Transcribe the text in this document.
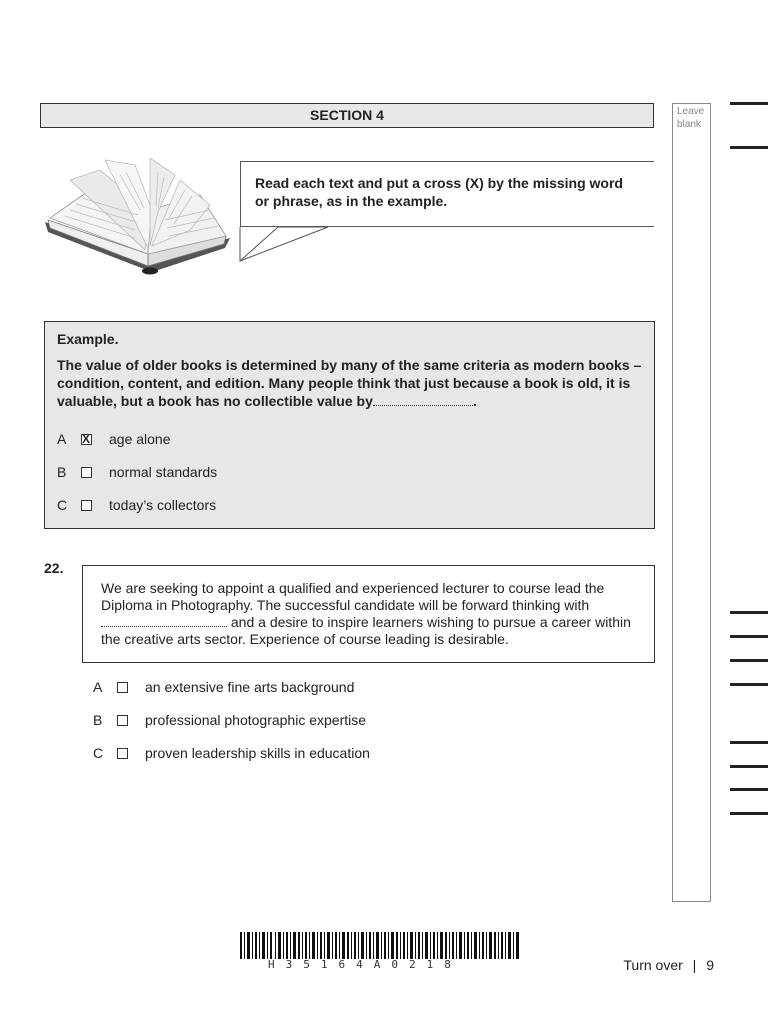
SECTION 4	Leave
blank
Read each text and put a cross (X) by the missing word or phrase, as in the example.

Example.

The value of older books is determined by many of the same criteria as modern books – condition, content, and edition. Many people think that just because a book is old, it is valuable, but a book has no collectible value by	.

A
X	age alone
B	normal standards
C	today’s collectors
22.
We are seeking to appoint a qualified and experienced lecturer to course lead the Diploma in Photography. The successful candidate will be forward thinking with  and a desire to inspire learners wishing to pursue a career within the creative arts sector. Experience of course leading is desirable.
A	an extensive fine arts background
B	professional photographic expertise
C	proven leadership skills in education
H35164A0218	Turn over | 9
